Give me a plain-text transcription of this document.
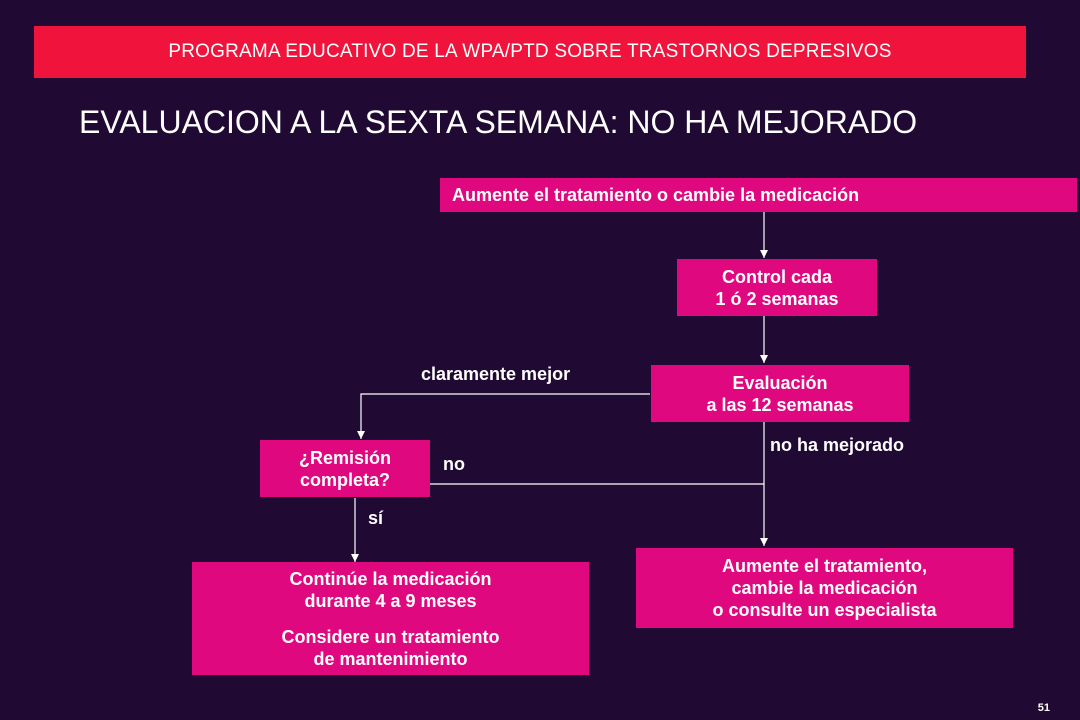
PROGRAMA EDUCATIVO DE LA WPA/PTD SOBRE TRASTORNOS DEPRESIVOS
EVALUACION A LA SEXTA SEMANA: NO HA MEJORADO
Aumente el tratamiento o cambie la medicación
Control cada
1 ó 2 semanas
Evaluación
a las 12 semanas
¿Remisión
completa?
Continúe la medicación
durante 4 a 9 meses
Considere un tratamiento
de mantenimiento
Aumente el tratamiento,
cambie la medicación
o consulte un especialista
claramente mejor
no ha mejorado
no
sí
51
